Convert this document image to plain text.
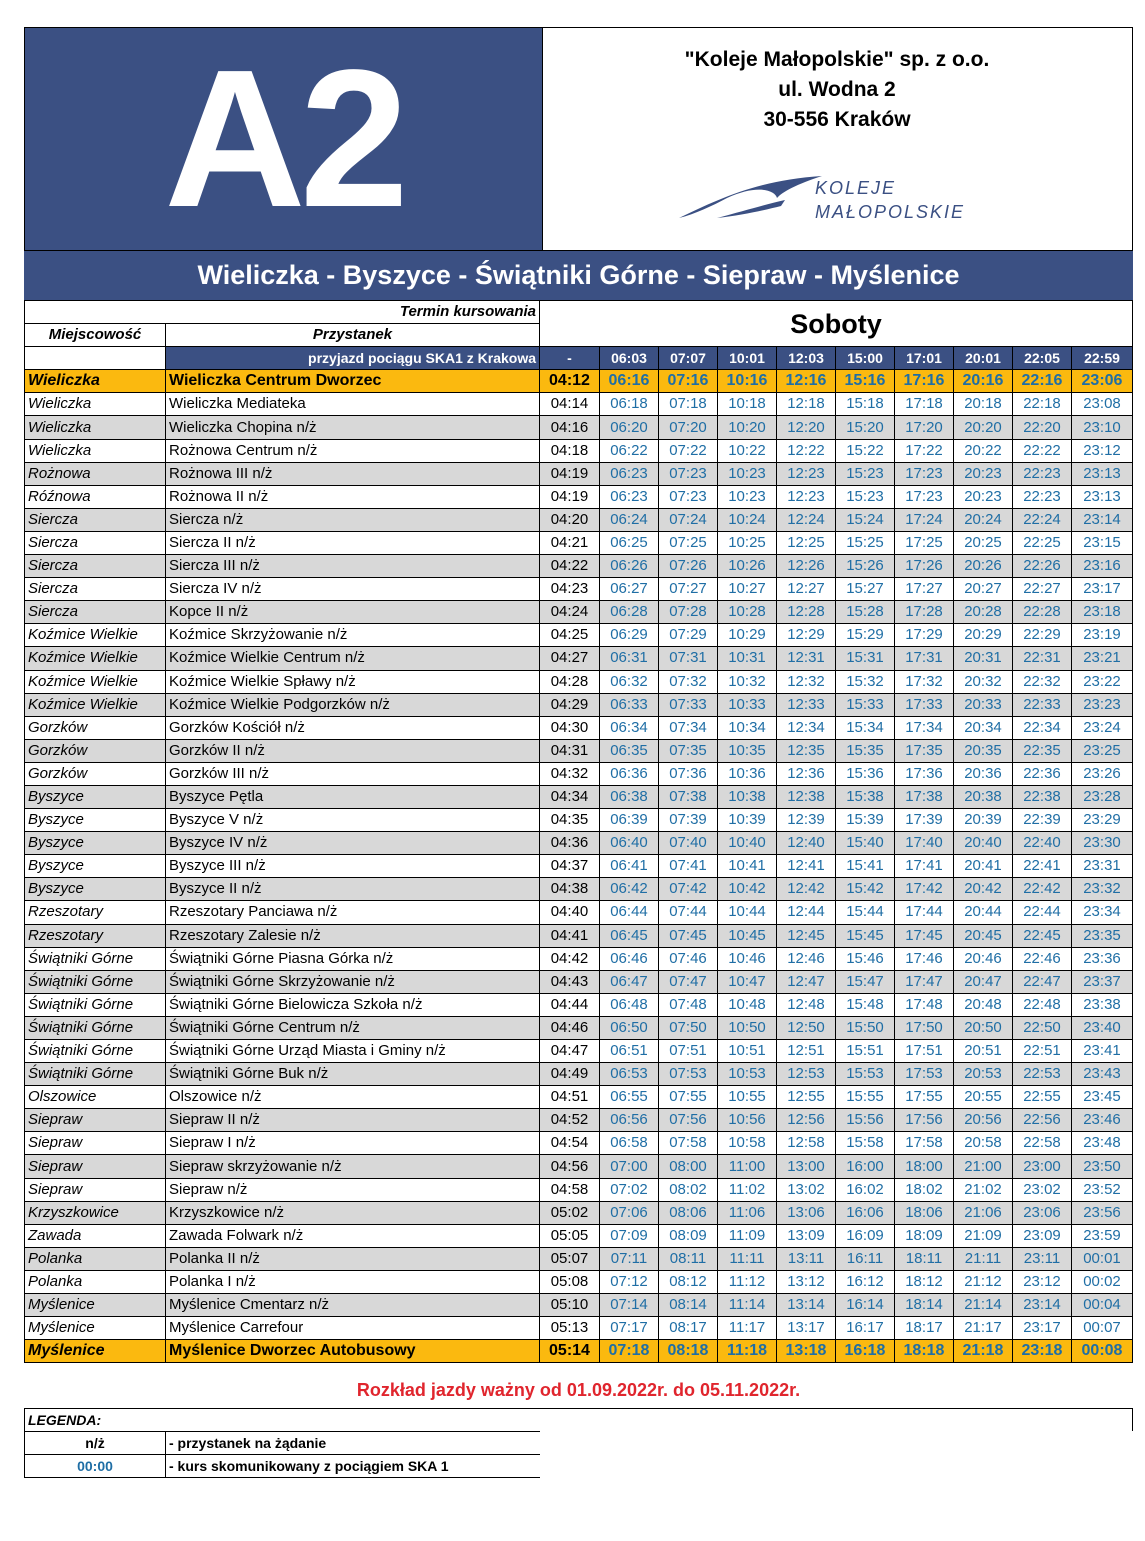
A2	"Koleje Małopolskie" sp. z o.o.
ul. Wodna 2
30-556 Kraków
KOLEJE
MAŁOPOLSKIE
Wieliczka - Byszyce - Świątniki Górne - Siepraw - Myślenice
	Termin kursowania	Soboty									
Miejscowość	Przystanek										
	przyjazd pociągu SKA1 z Krakowa	-	06:03	07:07	10:01	12:03	15:00	17:01	20:01	22:05	22:59
Wieliczka	Wieliczka Centrum Dworzec	04:12	06:16	07:16	10:16	12:16	15:16	17:16	20:16	22:16	23:06
Wieliczka	Wieliczka Mediateka	04:14	06:18	07:18	10:18	12:18	15:18	17:18	20:18	22:18	23:08
Wieliczka	Wieliczka Chopina n/ż	04:16	06:20	07:20	10:20	12:20	15:20	17:20	20:20	22:20	23:10
Wieliczka	Rożnowa Centrum n/ż	04:18	06:22	07:22	10:22	12:22	15:22	17:22	20:22	22:22	23:12
Rożnowa	Rożnowa III n/ż	04:19	06:23	07:23	10:23	12:23	15:23	17:23	20:23	22:23	23:13
Róźnowa	Rożnowa II n/ż	04:19	06:23	07:23	10:23	12:23	15:23	17:23	20:23	22:23	23:13
Siercza	Siercza n/ż	04:20	06:24	07:24	10:24	12:24	15:24	17:24	20:24	22:24	23:14
Siercza	Siercza II n/ż	04:21	06:25	07:25	10:25	12:25	15:25	17:25	20:25	22:25	23:15
Siercza	Siercza III n/ż	04:22	06:26	07:26	10:26	12:26	15:26	17:26	20:26	22:26	23:16
Siercza	Siercza IV n/ż	04:23	06:27	07:27	10:27	12:27	15:27	17:27	20:27	22:27	23:17
Siercza	Kopce II n/ż	04:24	06:28	07:28	10:28	12:28	15:28	17:28	20:28	22:28	23:18
Koźmice Wielkie	Koźmice Skrzyżowanie n/ż	04:25	06:29	07:29	10:29	12:29	15:29	17:29	20:29	22:29	23:19
Koźmice Wielkie	Koźmice Wielkie Centrum n/ż	04:27	06:31	07:31	10:31	12:31	15:31	17:31	20:31	22:31	23:21
Koźmice Wielkie	Koźmice Wielkie Spławy n/ż	04:28	06:32	07:32	10:32	12:32	15:32	17:32	20:32	22:32	23:22
Koźmice Wielkie	Koźmice Wielkie Podgorzków n/ż	04:29	06:33	07:33	10:33	12:33	15:33	17:33	20:33	22:33	23:23
Gorzków	Gorzków Kościół n/ż	04:30	06:34	07:34	10:34	12:34	15:34	17:34	20:34	22:34	23:24
Gorzków	Gorzków II n/ż	04:31	06:35	07:35	10:35	12:35	15:35	17:35	20:35	22:35	23:25
Gorzków	Gorzków III n/ż	04:32	06:36	07:36	10:36	12:36	15:36	17:36	20:36	22:36	23:26
Byszyce	Byszyce Pętla	04:34	06:38	07:38	10:38	12:38	15:38	17:38	20:38	22:38	23:28
Byszyce	Byszyce V n/ż	04:35	06:39	07:39	10:39	12:39	15:39	17:39	20:39	22:39	23:29
Byszyce	Byszyce IV n/ż	04:36	06:40	07:40	10:40	12:40	15:40	17:40	20:40	22:40	23:30
Byszyce	Byszyce III n/ż	04:37	06:41	07:41	10:41	12:41	15:41	17:41	20:41	22:41	23:31
Byszyce	Byszyce II n/ż	04:38	06:42	07:42	10:42	12:42	15:42	17:42	20:42	22:42	23:32
Rzeszotary	Rzeszotary Panciawa n/ż	04:40	06:44	07:44	10:44	12:44	15:44	17:44	20:44	22:44	23:34
Rzeszotary	Rzeszotary Zalesie n/ż	04:41	06:45	07:45	10:45	12:45	15:45	17:45	20:45	22:45	23:35
Świątniki Górne	Świątniki Górne Piasna Górka n/ż	04:42	06:46	07:46	10:46	12:46	15:46	17:46	20:46	22:46	23:36
Świątniki Górne	Świątniki Górne Skrzyżowanie n/ż	04:43	06:47	07:47	10:47	12:47	15:47	17:47	20:47	22:47	23:37
Świątniki Górne	Świątniki Górne Bielowicza Szkoła n/ż	04:44	06:48	07:48	10:48	12:48	15:48	17:48	20:48	22:48	23:38
Świątniki Górne	Świątniki Górne Centrum n/ż	04:46	06:50	07:50	10:50	12:50	15:50	17:50	20:50	22:50	23:40
Świątniki Górne	Świątniki Górne Urząd Miasta i Gminy n/ż	04:47	06:51	07:51	10:51	12:51	15:51	17:51	20:51	22:51	23:41
Świątniki Górne	Świątniki Górne Buk n/ż	04:49	06:53	07:53	10:53	12:53	15:53	17:53	20:53	22:53	23:43
Olszowice	Olszowice n/ż	04:51	06:55	07:55	10:55	12:55	15:55	17:55	20:55	22:55	23:45
Siepraw	Siepraw II n/ż	04:52	06:56	07:56	10:56	12:56	15:56	17:56	20:56	22:56	23:46
Siepraw	Siepraw I n/ż	04:54	06:58	07:58	10:58	12:58	15:58	17:58	20:58	22:58	23:48
Siepraw	Siepraw skrzyżowanie n/ż	04:56	07:00	08:00	11:00	13:00	16:00	18:00	21:00	23:00	23:50
Siepraw	Siepraw n/ż	04:58	07:02	08:02	11:02	13:02	16:02	18:02	21:02	23:02	23:52
Krzyszkowice	Krzyszkowice n/ż	05:02	07:06	08:06	11:06	13:06	16:06	18:06	21:06	23:06	23:56
Zawada	Zawada Folwark n/ż	05:05	07:09	08:09	11:09	13:09	16:09	18:09	21:09	23:09	23:59
Polanka	Polanka II n/ż	05:07	07:11	08:11	11:11	13:11	16:11	18:11	21:11	23:11	00:01
Polanka	Polanka I n/ż	05:08	07:12	08:12	11:12	13:12	16:12	18:12	21:12	23:12	00:02
Myślenice	Myślenice Cmentarz n/ż	05:10	07:14	08:14	11:14	13:14	16:14	18:14	21:14	23:14	00:04
Myślenice	Myślenice Carrefour	05:13	07:17	08:17	11:17	13:17	16:17	18:17	21:17	23:17	00:07
Myślenice	Myślenice Dworzec Autobusowy	05:14	07:18	08:18	11:18	13:18	16:18	18:18	21:18	23:18	00:08
Rozkład jazdy ważny od 01.09.2022r. do 05.11.2022r.
LEGENDA:
n/ż	- przystanek na żądanie
00:00	- kurs skomunikowany z pociągiem SKA 1
